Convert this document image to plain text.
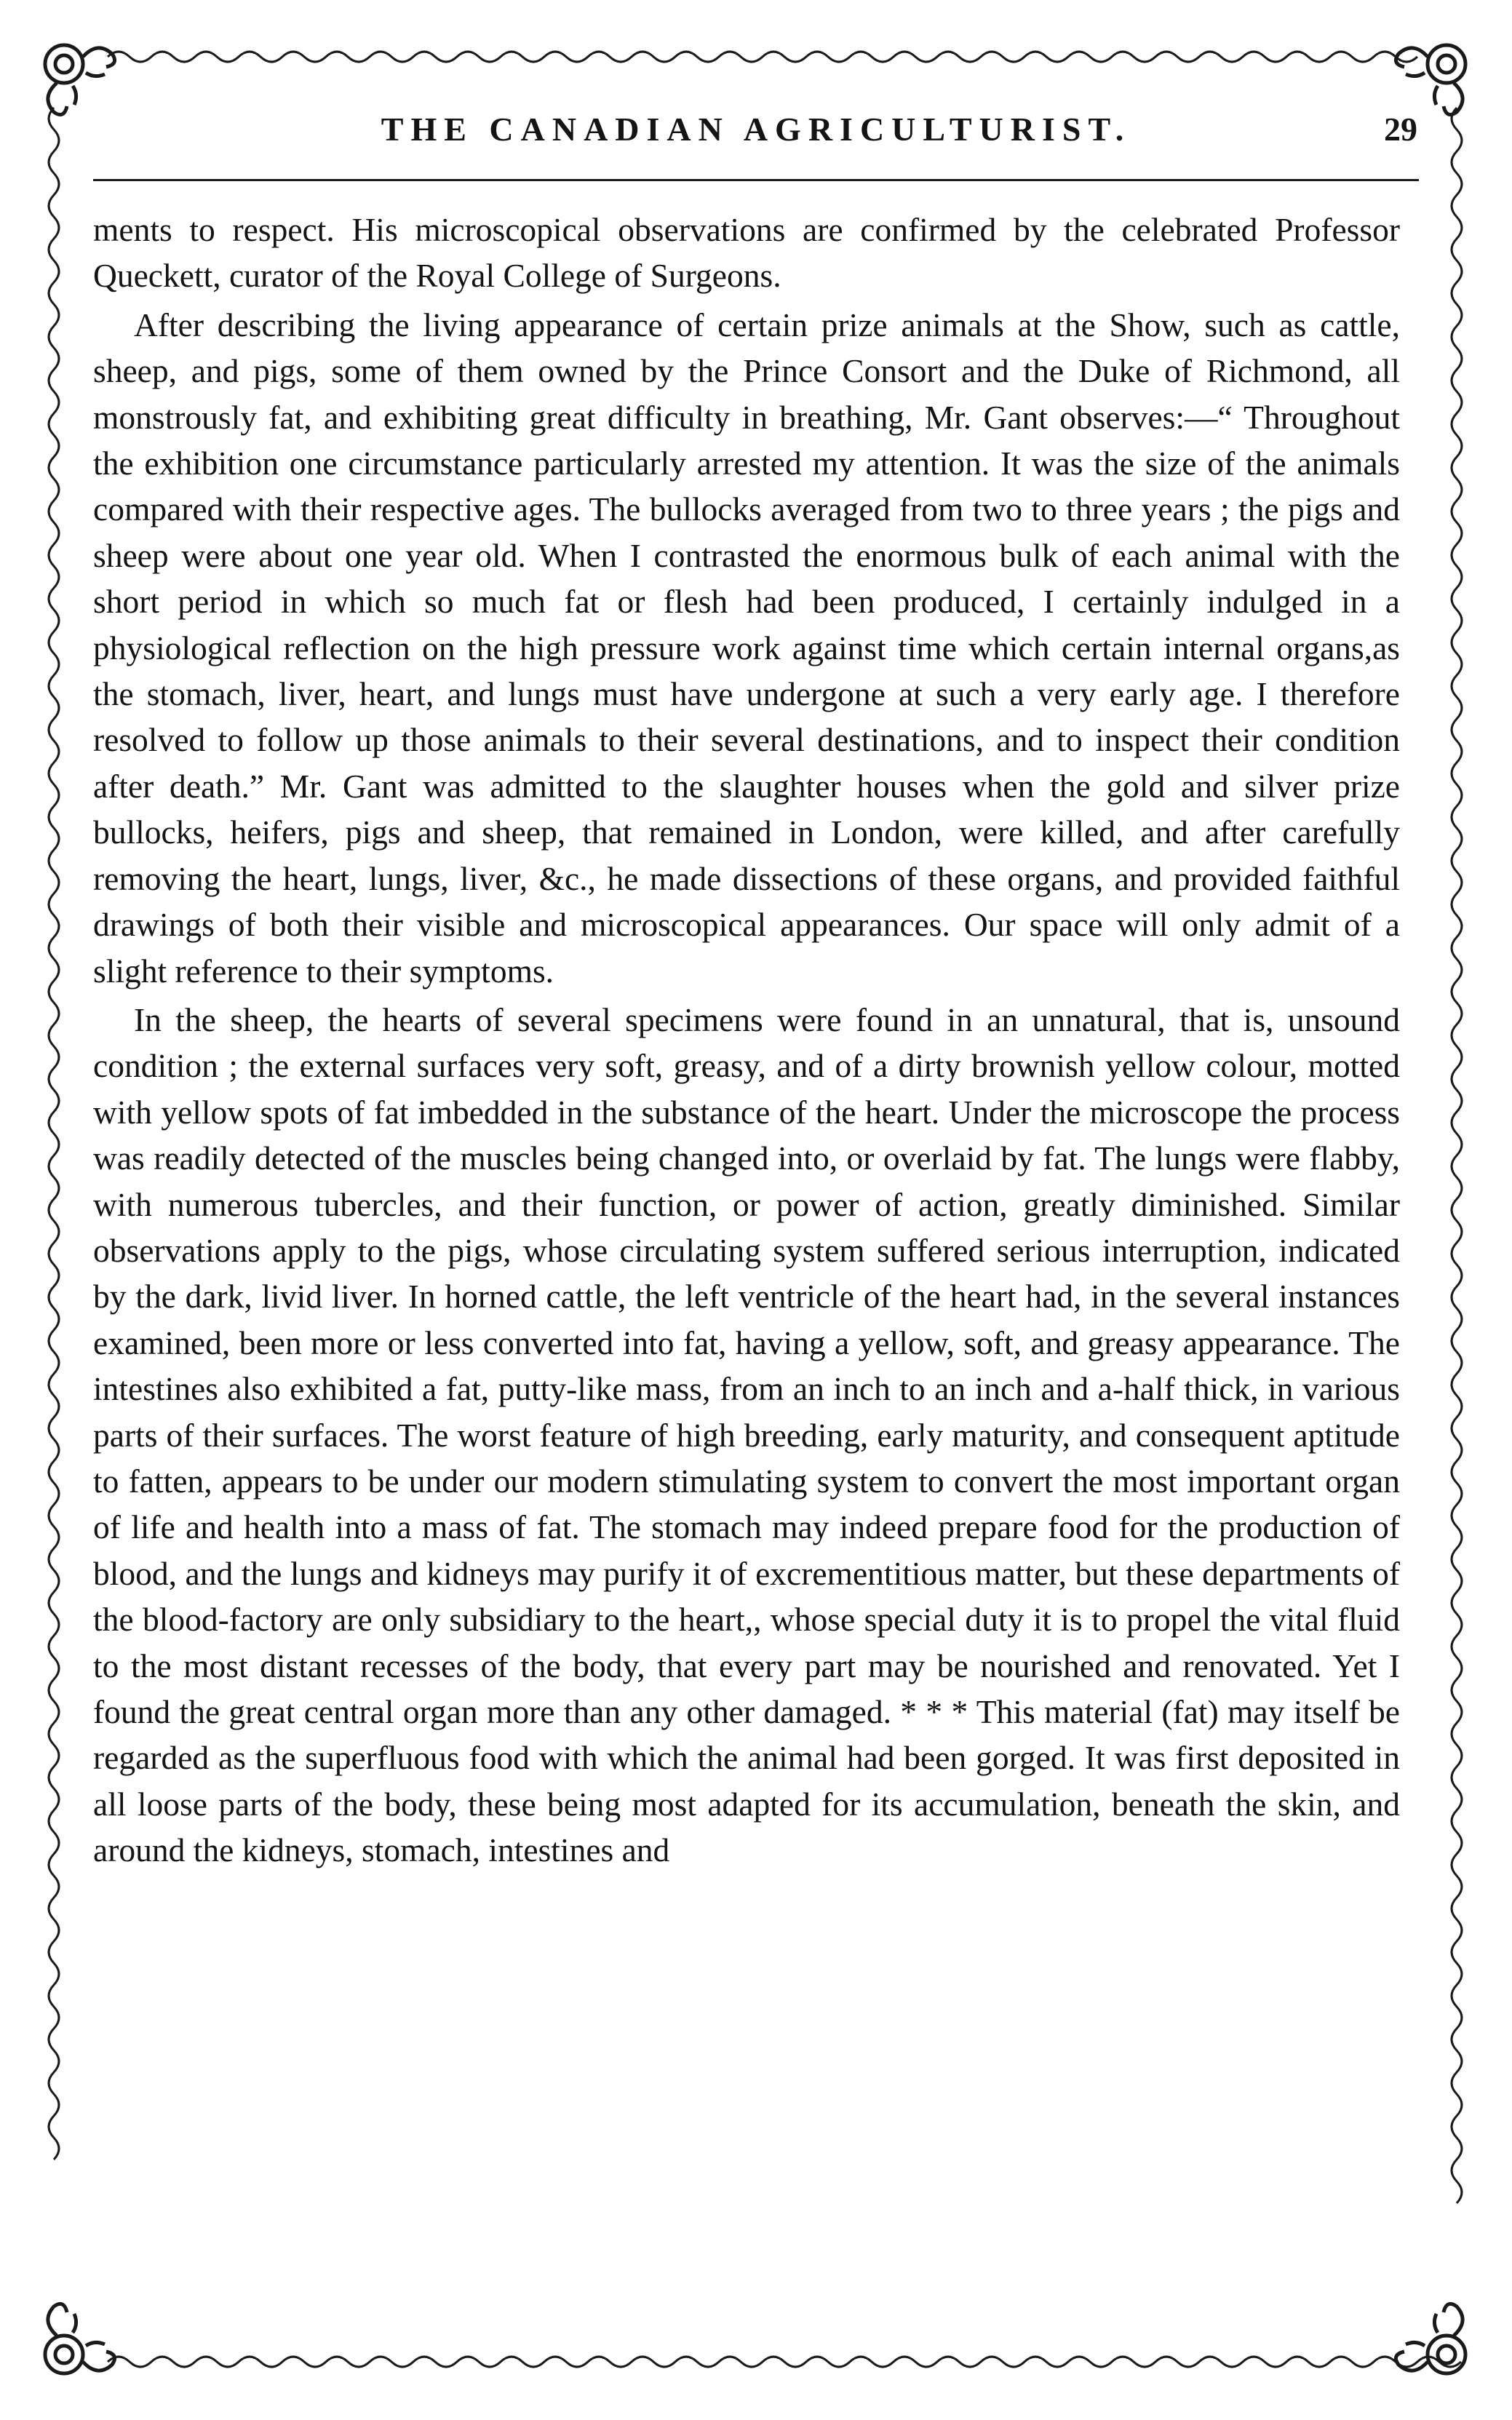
THE CANADIAN AGRICULTURIST.	29

ments to respect. His microscopical observations are confirmed by the celebrated Professor Queckett, curator of the Royal College of Surgeons.

After describing the living appearance of certain prize animals at the Show, such as cattle, sheep, and pigs, some of them owned by the Prince Consort and the Duke of Richmond, all monstrously fat, and exhibiting great difficulty in breathing, Mr. Gant observes:—“ Throughout the exhibition one circumstance particularly arrested my attention. It was the size of the animals compared with their respective ages. The bullocks averaged from two to three years ; the pigs and sheep were about one year old. When I contrasted the enormous bulk of each animal with the short period in which so much fat or flesh had been produced, I certainly indulged in a physiological reflection on the high pressure work against time which certain internal organs,as the stomach, liver, heart, and lungs must have undergone at such a very early age. I therefore resolved to follow up those animals to their several destinations, and to inspect their condition after death.” Mr. Gant was admitted to the slaughter houses when the gold and silver prize bullocks, heifers, pigs and sheep, that remained in London, were killed, and after carefully removing the heart, lungs, liver, &c., he made dissections of these organs, and provided faithful drawings of both their visible and microscopical appearances. Our space will only admit of a slight reference to their symptoms.

In the sheep, the hearts of several specimens were found in an unnatural, that is, unsound condition ; the external surfaces very soft, greasy, and of a dirty brownish yellow colour, motted with yellow spots of fat imbedded in the substance of the heart. Under the microscope the process was readily detected of the muscles being changed into, or overlaid by fat. The lungs were flabby, with numerous tubercles, and their function, or power of action, greatly diminished. Similar observations apply to the pigs, whose circulating system suffered serious interruption, indicated by the dark, livid liver. In horned cattle, the left ventricle of the heart had, in the several instances examined, been more or less converted into fat, having a yellow, soft, and greasy appearance. The intestines also exhibited a fat, putty-like mass, from an inch to an inch and a-half thick, in various parts of their surfaces. The worst feature of high breeding, early maturity, and consequent aptitude to fatten, appears to be under our modern stimulating system to convert the most important organ of life and health into a mass of fat. The stomach may indeed prepare food for the production of blood, and the lungs and kidneys may purify it of excrementitious matter, but these departments of the blood-factory are only subsidiary to the heart,, whose special duty it is to propel the vital fluid to the most distant recesses of the body, that every part may be nourished and renovated. Yet I found the great central organ more than any other damaged. * * * This material (fat) may itself be regarded as the superfluous food with which the animal had been gorged. It was first deposited in all loose parts of the body, these being most adapted for its accumulation, beneath the skin, and around the kidneys, stomach, intestines and
